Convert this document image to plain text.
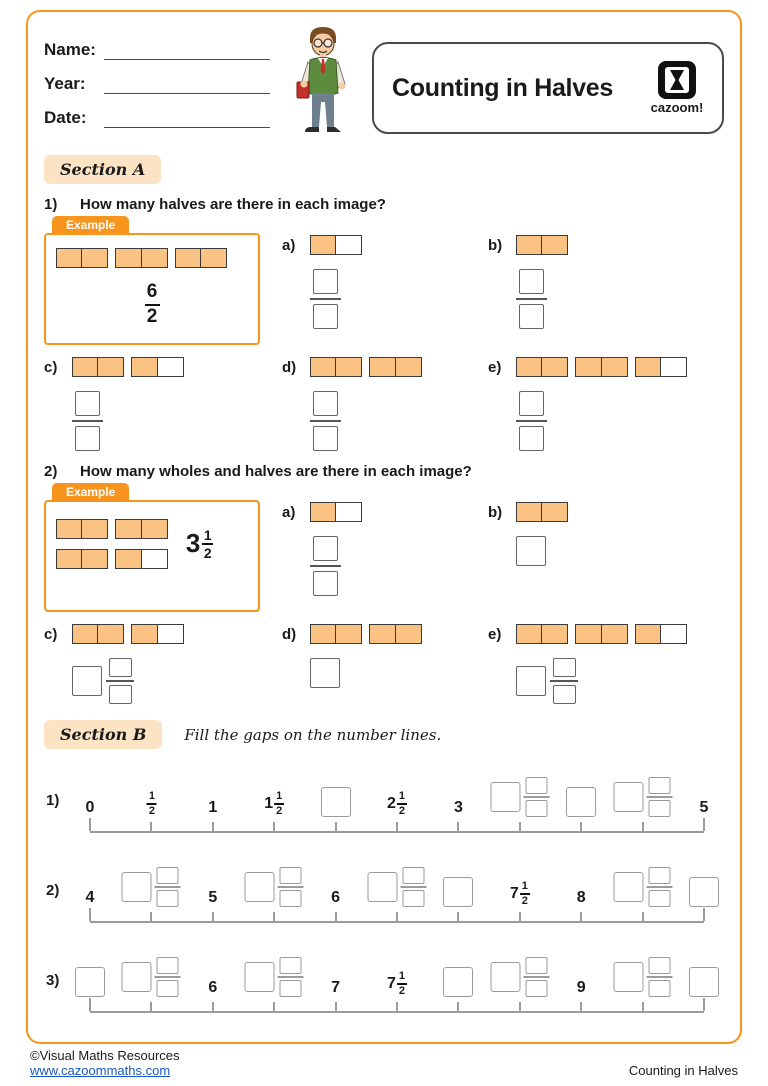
Name:
Year:
Date:
Counting in Halves
cazoom!
Section A
1)	How many halves are there in each image?
Example
$\frac{6}{2}$
a)	b)
c)	d)	e)
2)	How many wholes and halves are there in each image?
Example
3 1
2
a)	b)
c)	d)	e)
Section B	Fill the gaps on the number lines.
1) 0
1
2	1	1 1
2	2 1
2	3	5
2) 4	5	6	7 1
2	8
3)	6	7	7 1
2	9
©Visual Maths Resources
www.cazoommaths.com	Counting in Halves
